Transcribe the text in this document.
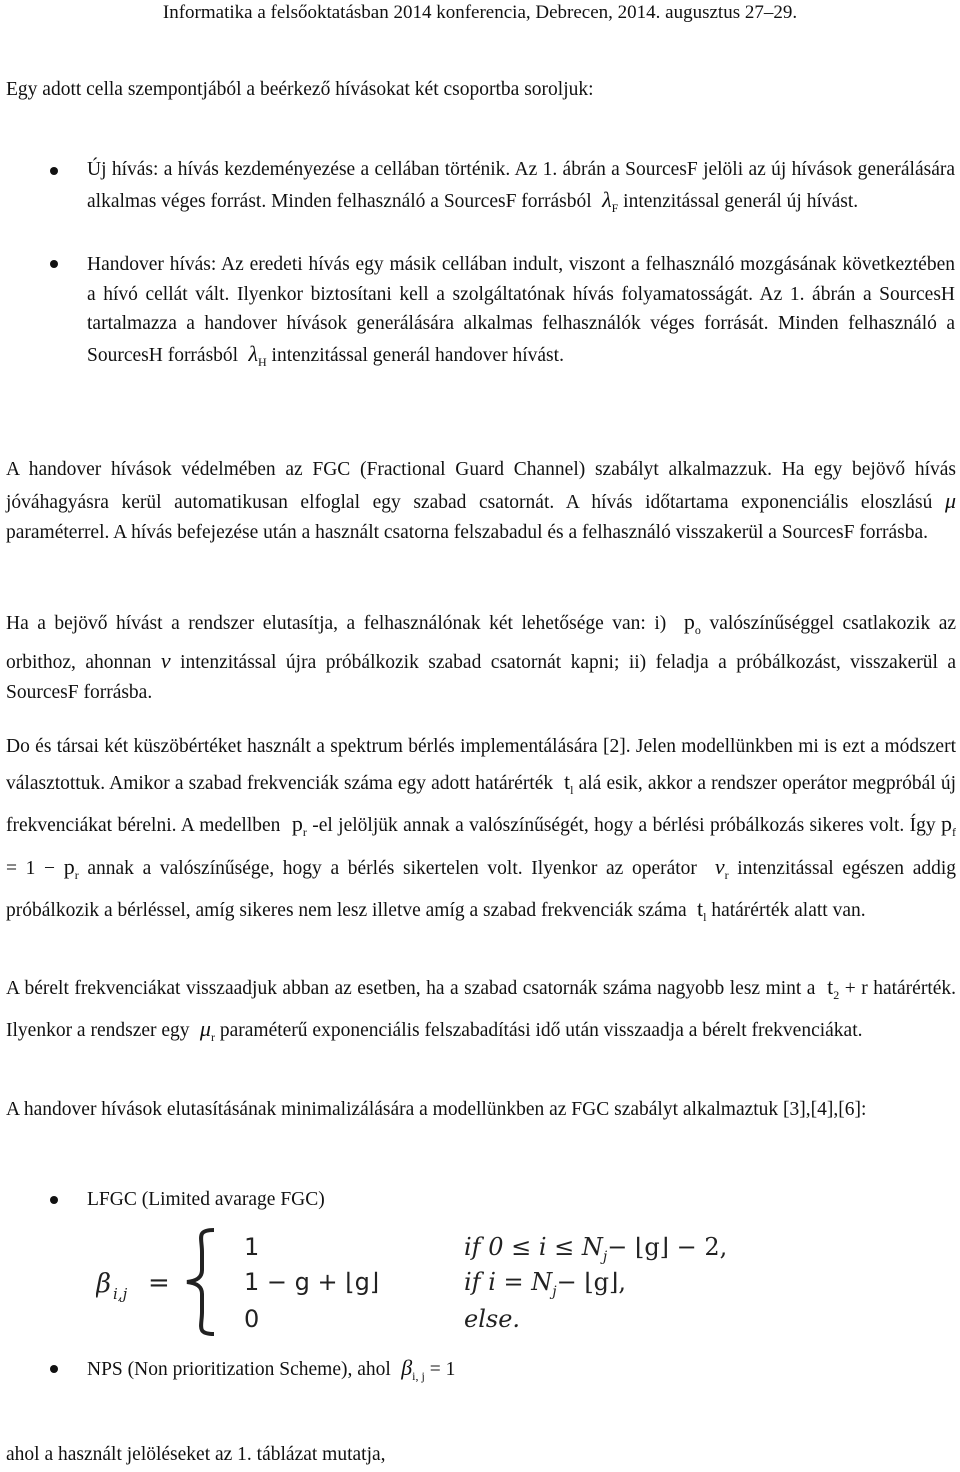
Informatika a felsőoktatásban 2014 konferencia, Debrecen, 2014. augusztus 27–29.
Egy adott cella szempontjából a beérkező hívásokat két csoportba soroljuk:
Új hívás: a hívás kezdeményezése a cellában történik. Az 1. ábrán a SourcesF jelöli az új hívások generálására alkalmas véges forrást. Minden felhasználó a SourcesF forrásból $\lambda_F$ intenzitással generál új hívást.
Handover hívás: Az eredeti hívás egy másik cellában indult, viszont a felhasználó mozgásának következtében a hívó cellát vált. Ilyenkor biztosítani kell a szolgáltatónak hívás folyamatosságát. Az 1. ábrán a SourcesH tartalmazza a handover hívások generálására alkalmas felhasználók véges forrását. Minden felhasználó a SourcesH forrásból $\lambda_H$ intenzitással generál handover hívást.
A handover hívások védelmében az FGC (Fractional Guard Channel) szabályt alkalmazzuk. Ha egy bejövő hívás jóváhagyásra kerül automatikusan elfoglal egy szabad csatornát. A hívás időtartama exponenciális eloszlású μ paraméterrel. A hívás befejezése után a használt csatorna felszabadul és a felhasználó visszakerül a SourcesF forrásba.
Ha a bejövő hívást a rendszer elutasítja, a felhasználónak két lehetősége van: i) $p_o$ valószínűséggel csatlakozik az orbithoz, ahonnan ν intenzitással újra próbálkozik szabad csatornát kapni; ii) feladja a próbálkozást, visszakerül a SourcesF forrásba.
Do és társai két küszöbértéket használt a spektrum bérlés implementálására [2]. Jelen modellünkben mi is ezt a módszert választottuk. Amikor a szabad frekvenciák száma egy adott határérték $t_l$ alá esik, akkor a rendszer operátor megpróbál új frekvenciákat bérelni. A medellben $p_r$ -el jelöljük annak a valószínűségét, hogy a bérlési próbálkozás sikeres volt. Így $p_f = 1 - p_r$ annak a valószínűsége, hogy a bérlés sikertelen volt. Ilyenkor az operátor $\nu_r$ intenzitással egészen addig próbálkozik a bérléssel, amíg sikeres nem lesz illetve amíg a szabad frekvenciák száma $t_l$ határérték alatt van.
A bérelt frekvenciákat visszaadjuk abban az esetben, ha a szabad csatornák száma nagyobb lesz mint a $t_2 + r$ határérték. Ilyenkor a rendszer egy $\mu_r$ paraméterű exponenciális felszabadítási idő után visszaadja a bérelt frekvenciákat.
A handover hívások elutasításának minimalizálására a modellünkben az FGC szabályt alkalmaztuk [3],[4],[6]:
LFGC (Limited avarage FGC)
β i,j =
1
1 − g + ⌊g⌋
0
if $0 \le i \le N_j-$ ⌊g⌋ − 2,
if $i = N_j-$ ⌊g⌋,
else.
NPS (Non prioritization Scheme), ahol $\beta_{i, j} = 1$
ahol a használt jelöléseket az 1. táblázat mutatja,
